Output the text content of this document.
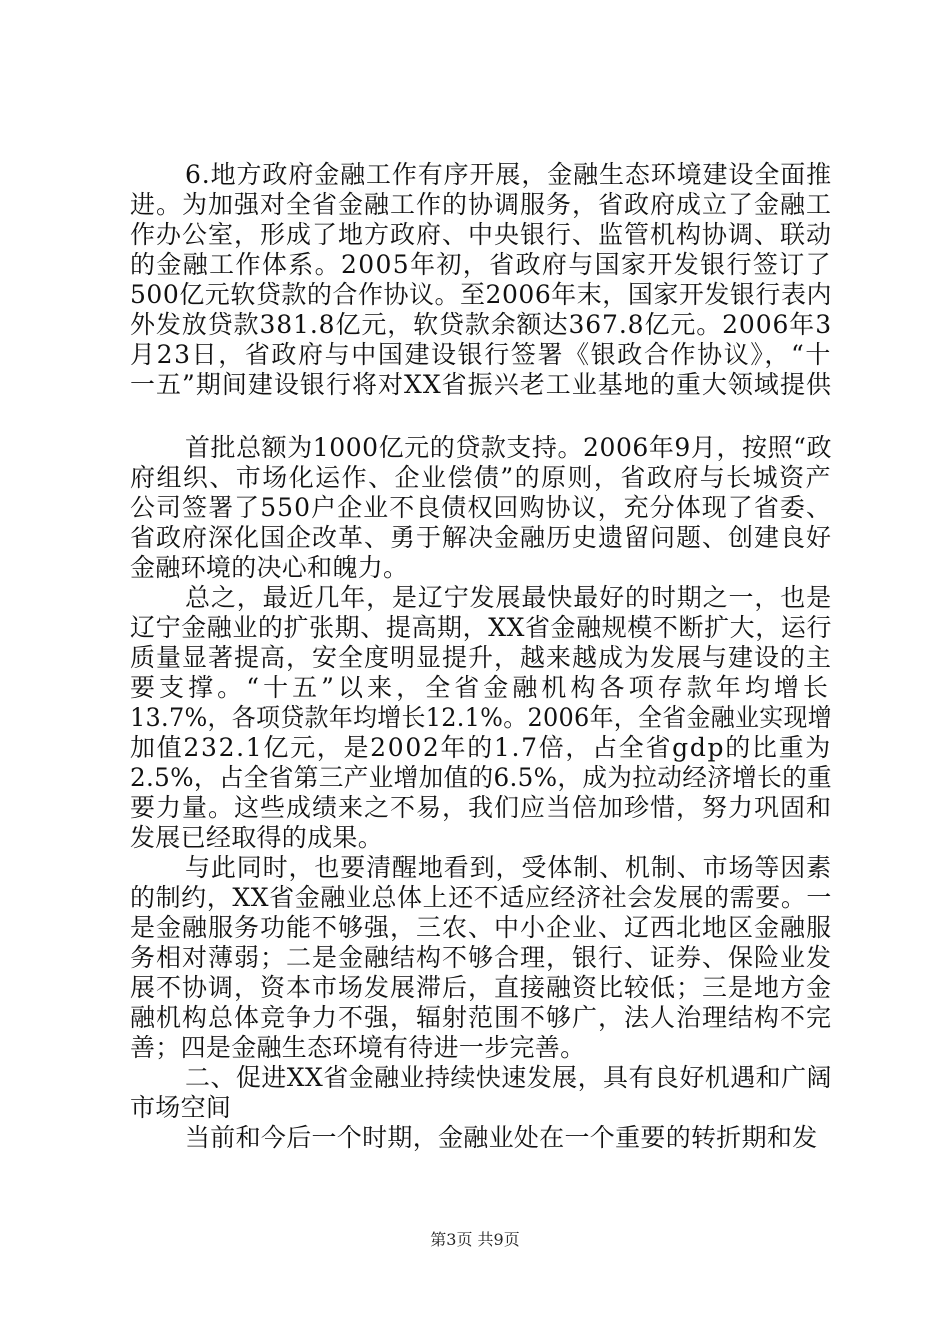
6.地方政府金融工作有序开展，金融生态环境建设全面推

进。为加强对全省金融工作的协调服务，省政府成立了金融工

作办公室，形成了地方政府、中央银行、监管机构协调、联动

的金融工作体系。2005年初，省政府与国家开发银行签订了

500亿元软贷款的合作协议。至2006年末，国家开发银行表内

外发放贷款381.8亿元，软贷款余额达367.8亿元。2006年3

月23日，省政府与中国建设银行签署《银政合作协议》，“十

一五”期间建设银行将对XX省振兴老工业基地的重大领域提供

首批总额为1000亿元的贷款支持。2006年9月，按照“政

府组织、市场化运作、企业偿债”的原则，省政府与长城资产

公司签署了550户企业不良债权回购协议，充分体现了省委、

省政府深化国企改革、勇于解决金融历史遗留问题、创建良好

金融环境的决心和魄力。

总之，最近几年，是辽宁发展最快最好的时期之一，也是

辽宁金融业的扩张期、提高期，XX省金融规模不断扩大，运行

质量显著提高，安全度明显提升，越来越成为发展与建设的主

要支撑。“十五”以来，全省金融机构各项存款年均增长

13.7%，各项贷款年均增长12.1%。2006年，全省金融业实现增

加值232.1亿元，是2002年的1.7倍，占全省gdp的比重为

2.5%，占全省第三产业增加值的6.5%，成为拉动经济增长的重

要力量。这些成绩来之不易，我们应当倍加珍惜，努力巩固和

发展已经取得的成果。

与此同时，也要清醒地看到，受体制、机制、市场等因素

的制约，XX省金融业总体上还不适应经济社会发展的需要。一

是金融服务功能不够强，三农、中小企业、辽西北地区金融服

务相对薄弱；二是金融结构不够合理，银行、证券、保险业发

展不协调，资本市场发展滞后，直接融资比较低；三是地方金

融机构总体竞争力不强，辐射范围不够广，法人治理结构不完

善；四是金融生态环境有待进一步完善。

二、促进XX省金融业持续快速发展，具有良好机遇和广阔

市场空间

当前和今后一个时期，金融业处在一个重要的转折期和发

第3页 共9页
